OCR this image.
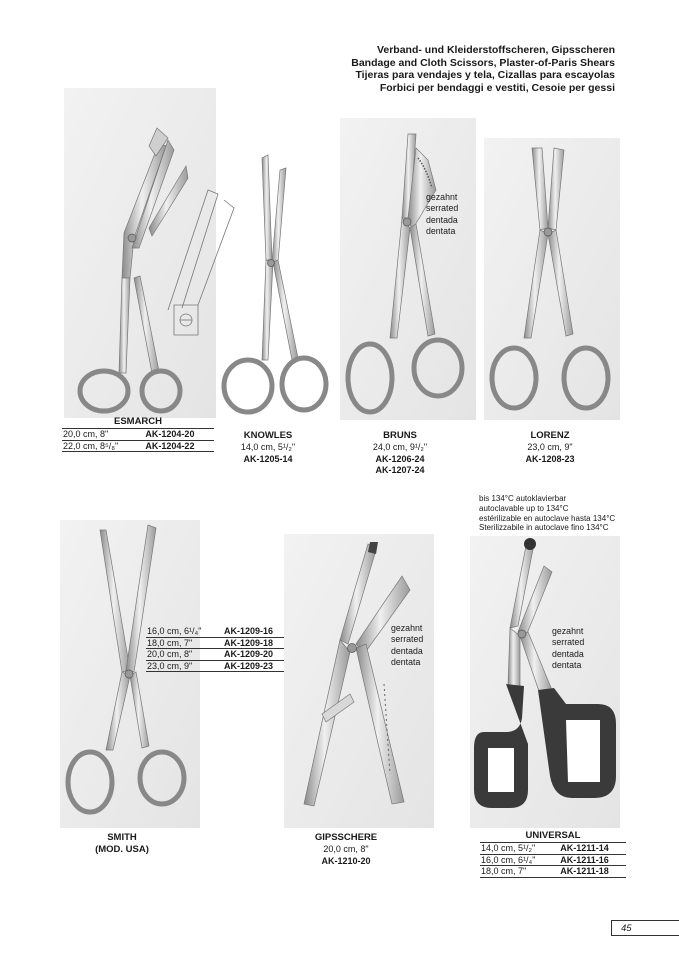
Verband- und Kleiderstoffscheren, Gipsscheren
Bandage and Cloth Scissors, Plaster-of-Paris Shears
Tijeras para vendajes y tela, Cizallas para escayolas
Forbici per bendaggi e vestiti, Cesoie per gessi
ESMARCH
20,0 cm, 8"	AK-1204-20
22,0 cm, 8⁵/₈"	AK-1204-22
KNOWLES
14,0 cm, 5¹/₂"
AK-1205-14
gezahnt
serrated
dentada
dentata
BRUNS
24,0 cm, 9¹/₂"
AK-1206-24
AK-1207-24
LORENZ
23,0 cm, 9"
AK-1208-23
16,0 cm, 6¹/₄"	AK-1209-16
18,0 cm, 7"	AK-1209-18
20,0 cm, 8"	AK-1209-20
23,0 cm, 9"	AK-1209-23
SMITH
(MOD. USA)
gezahnt
serrated
dentada
dentata
GIPSSCHERE
20,0 cm, 8"
AK-1210-20
bis 134°C autoklavierbar
autoclavable up to 134°C
estérilizable en autoclave hasta 134°C
Sterilizzabile in autoclave fino 134°C
gezahnt
serrated
dentada
dentata
UNIVERSAL
14,0 cm, 5¹/₂"	AK-1211-14
16,0 cm, 6¹/₄"	AK-1211-16
18,0 cm, 7"	AK-1211-18
45
